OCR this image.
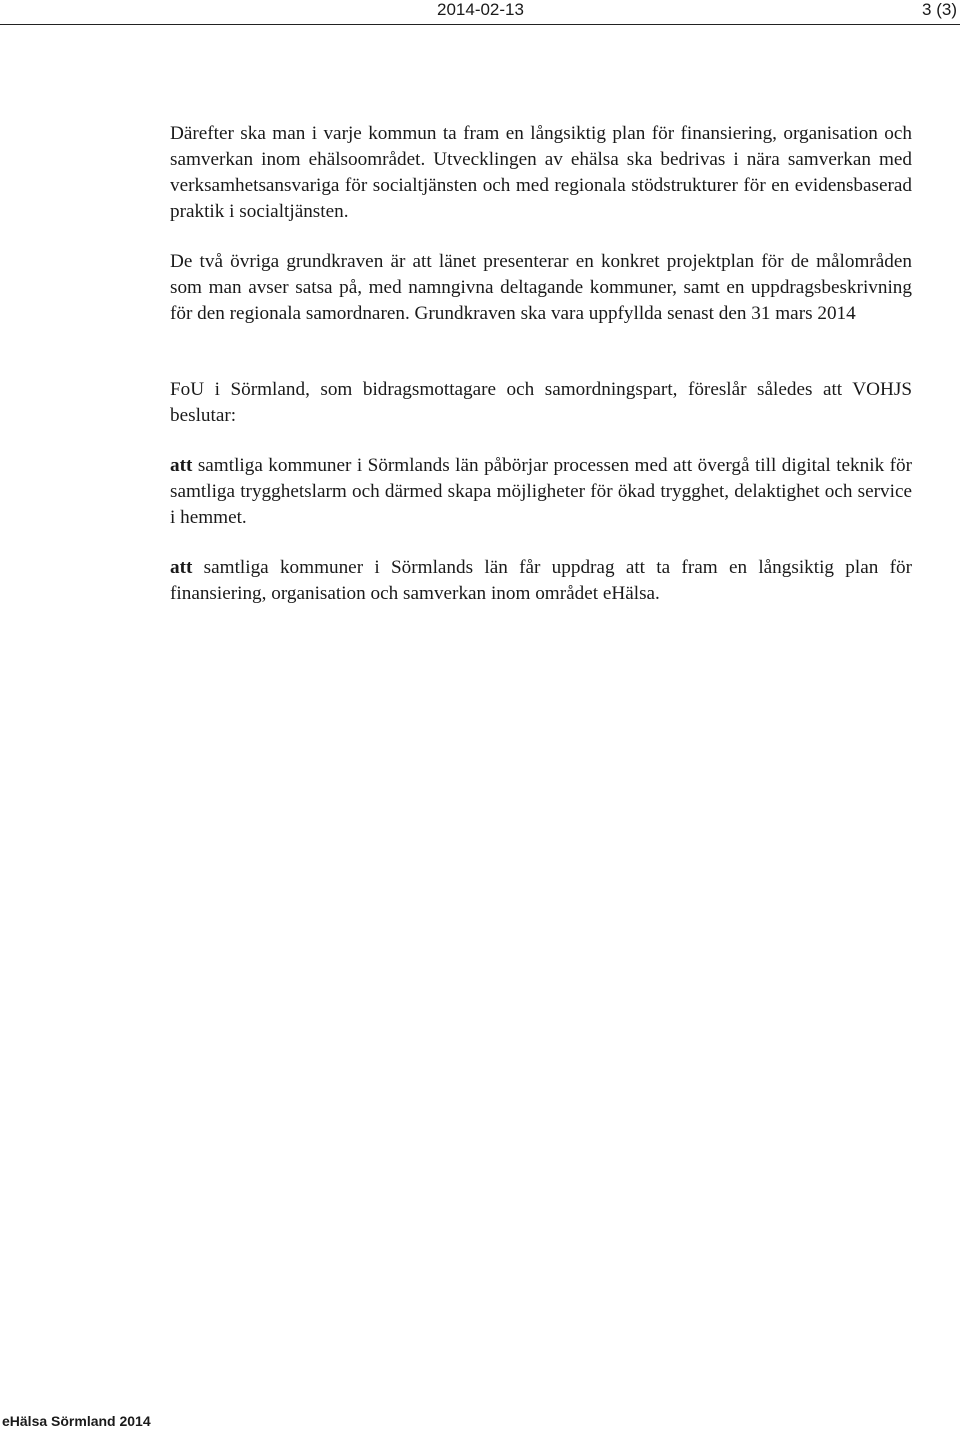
2014-02-13	3 (3)

Därefter ska man i varje kommun ta fram en långsiktig plan för finansiering, organisation och samverkan inom ehälsoområdet. Utvecklingen av ehälsa ska bedrivas i nära samverkan med verksamhetsansvariga för socialtjänsten och med regionala stödstrukturer för en evidensbaserad praktik i socialtjänsten.

De två övriga grundkraven är att länet presenterar en konkret projektplan för de målområden som man avser satsa på, med namngivna deltagande kommuner, samt en uppdragsbeskrivning för den regionala samordnaren. Grundkraven ska vara uppfyllda senast den 31 mars 2014

FoU i Sörmland, som bidragsmottagare och samordningspart, föreslår således att VOHJS beslutar:

att samtliga kommuner i Sörmlands län påbörjar processen med att övergå till digital teknik för samtliga trygghetslarm och därmed skapa möjligheter för ökad trygghet, delaktighet och service i hemmet.

att samtliga kommuner i Sörmlands län får uppdrag att ta fram en långsiktig plan för finansiering, organisation och samverkan inom området eHälsa.

eHälsa Sörmland 2014
